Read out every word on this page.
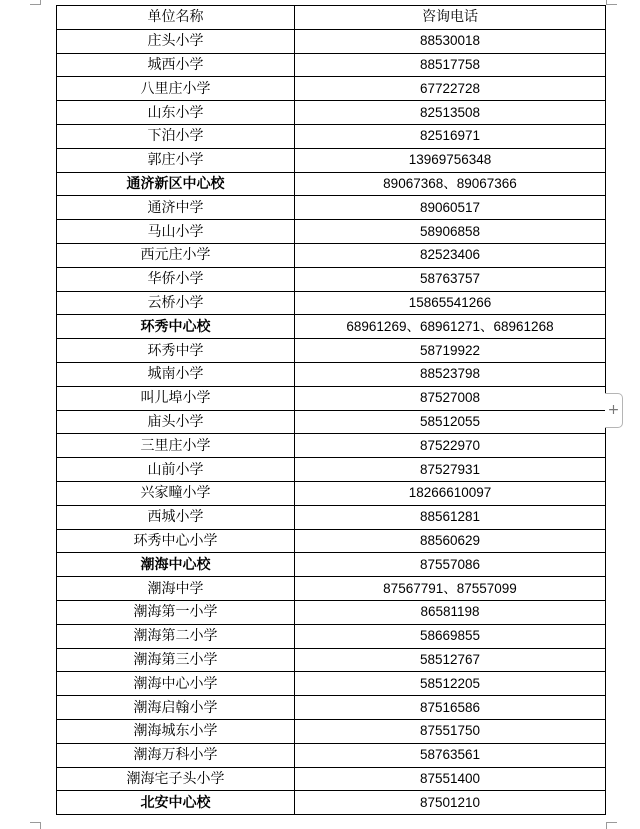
单位名称	咨询电话
庄头小学	88530018
城西小学	88517758
八里庄小学	67722728
山东小学	82513508
下泊小学	82516971
郭庄小学	13969756348
通济新区中心校	89067368、89067366
通济中学	89060517
马山小学	58906858
西元庄小学	82523406
华侨小学	58763757
云桥小学	15865541266
环秀中心校	68961269、68961271、68961268
环秀中学	58719922
城南小学	88523798
叫儿埠小学	87527008
庙头小学	58512055
三里庄小学	87522970
山前小学	87527931
兴家疃小学	18266610097
西城小学	88561281
环秀中心小学	88560629
潮海中心校	87557086
潮海中学	87567791、87557099
潮海第一小学	86581198
潮海第二小学	58669855
潮海第三小学	58512767
潮海中心小学	58512205
潮海启翰小学	87516586
潮海城东小学	87551750
潮海万科小学	58763561
潮海宅子头小学	87551400
北安中心校	87501210
+
